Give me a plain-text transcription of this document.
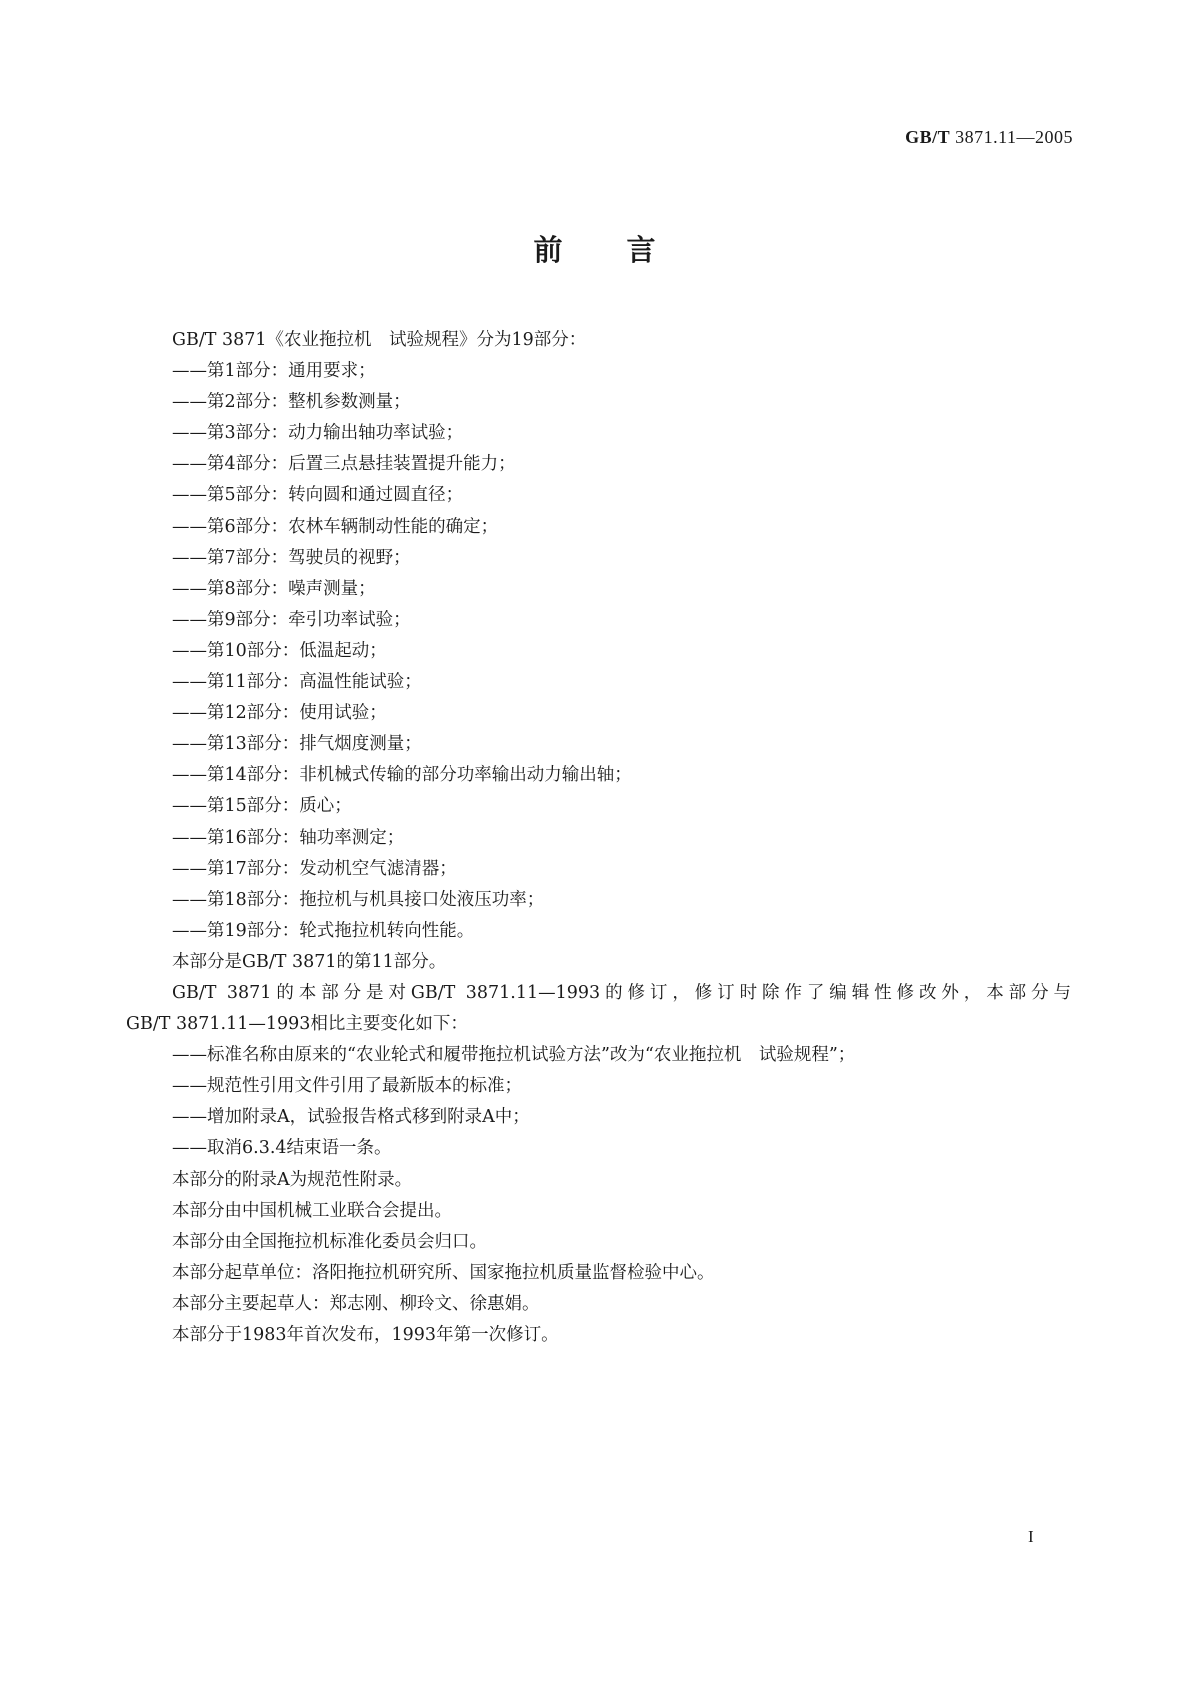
GB/T 3871.11—2005
前 言
GB/T 3871《农业拖拉机　试验规程》分为19部分：
——第1部分：通用要求；
——第2部分：整机参数测量；
——第3部分：动力输出轴功率试验；
——第4部分：后置三点悬挂装置提升能力；
——第5部分：转向圆和通过圆直径；
——第6部分：农林车辆制动性能的确定；
——第7部分：驾驶员的视野；
——第8部分：噪声测量；
——第9部分：牵引功率试验；
——第10部分：低温起动；
——第11部分：高温性能试验；
——第12部分：使用试验；
——第13部分：排气烟度测量；
——第14部分：非机械式传输的部分功率输出动力输出轴；
——第15部分：质心；
——第16部分：轴功率测定；
——第17部分：发动机空气滤清器；
——第18部分：拖拉机与机具接口处液压功率；
——第19部分：轮式拖拉机转向性能。
本部分是GB/T 3871的第11部分。
GB/T 3871的本部分是对GB/T 3871.11—1993的修订，修订时除作了编辑性修改外，本部分与
GB/T 3871.11—1993相比主要变化如下：
——标准名称由原来的“农业轮式和履带拖拉机试验方法”改为“农业拖拉机　试验规程”；
——规范性引用文件引用了最新版本的标准；
——增加附录A，试验报告格式移到附录A中；
——取消6.3.4结束语一条。
本部分的附录A为规范性附录。
本部分由中国机械工业联合会提出。
本部分由全国拖拉机标准化委员会归口。
本部分起草单位：洛阳拖拉机研究所、国家拖拉机质量监督检验中心。
本部分主要起草人：郑志刚、柳玲文、徐惠娟。
本部分于1983年首次发布，1993年第一次修订。
I
